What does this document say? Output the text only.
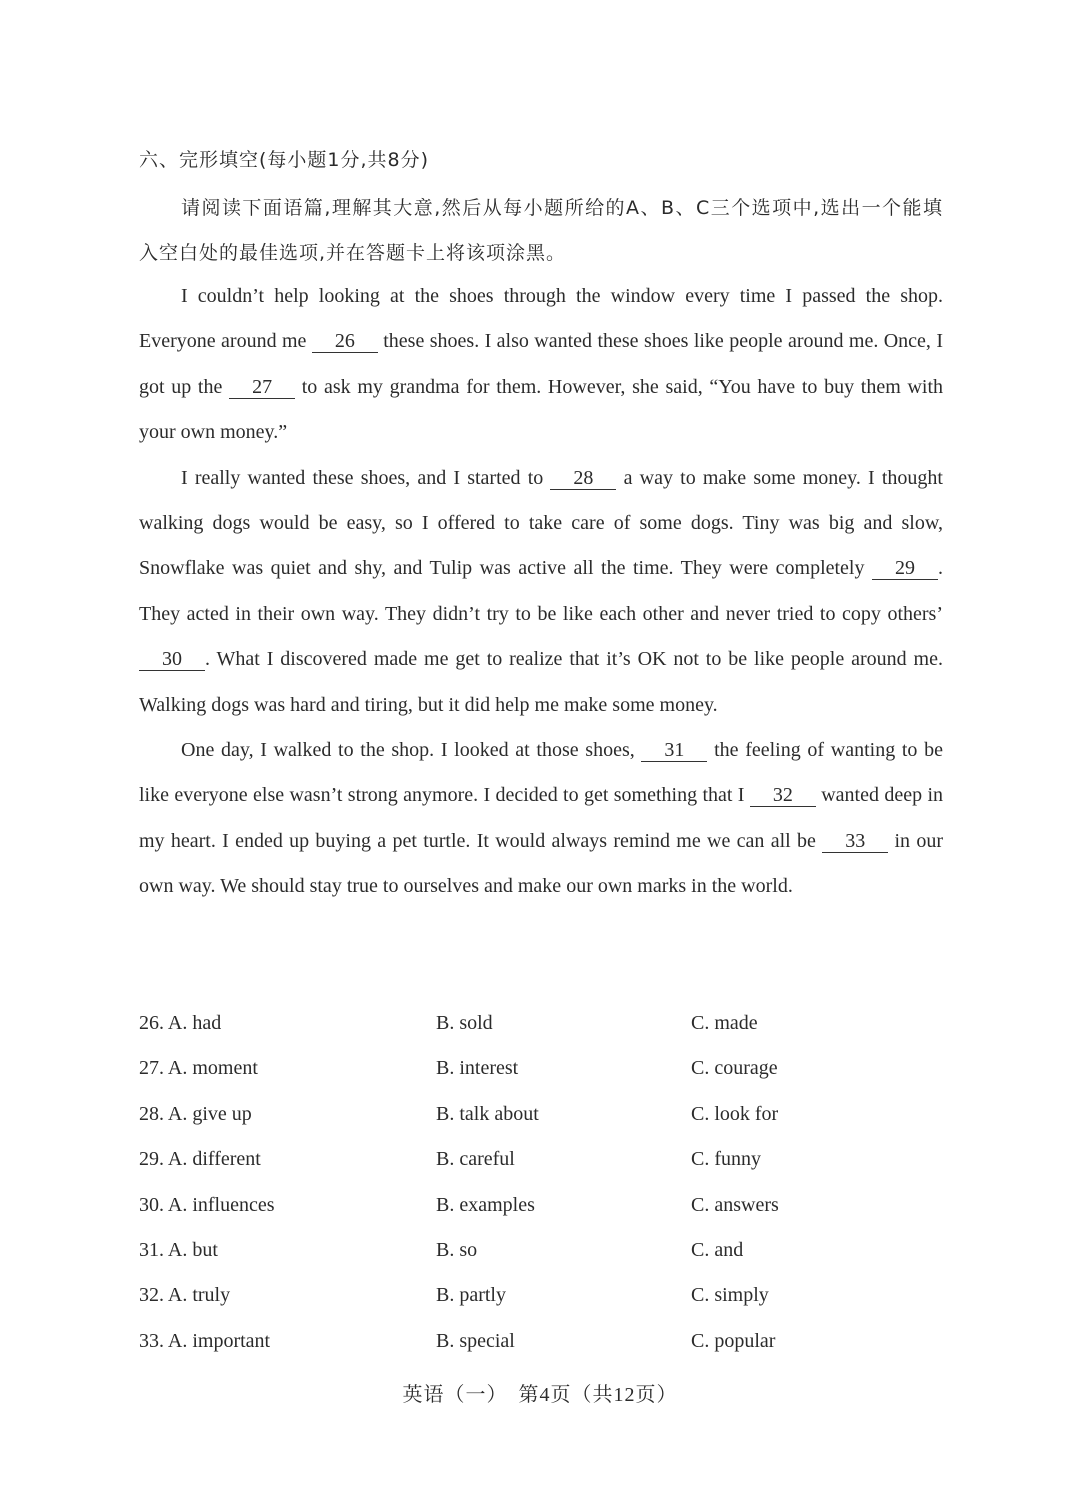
六、完形填空(每小题1分,共8分)

请阅读下面语篇,理解其大意,然后从每小题所给的A、B、C三个选项中,选出一个能填入空白处的最佳选项,并在答题卡上将该项涂黑。

I couldn’t help looking at the shoes through the window every time I passed the shop. Everyone around me 26 these shoes. I also wanted these shoes like people around me. Once, I got up the 27 to ask my grandma for them. However, she said, “You have to buy them with your own money.”

I really wanted these shoes, and I started to 28 a way to make some money. I thought walking dogs would be easy, so I offered to take care of some dogs. Tiny was big and slow, Snowflake was quiet and shy, and Tulip was active all the time. They were completely 29 . They acted in their own way. They didn’t try to be like each other and never tried to copy others’ 30 . What I discovered made me get to realize that it’s OK not to be like people around me. Walking dogs was hard and tiring, but it did help me make some money.

One day, I walked to the shop. I looked at those shoes, 31 the feeling of wanting to be like everyone else wasn’t strong anymore. I decided to get something that I 32 wanted deep in my heart. I ended up buying a pet turtle. It would always remind me we can all be 33 in our own way. We should stay true to ourselves and make our own marks in the world.

26. A. had	B. sold	C. made
27. A. moment	B. interest	C. courage
28. A. give up	B. talk about	C. look for
29. A. different	B. careful	C. funny
30. A. influences	B. examples	C. answers
31. A. but	B. so	C. and
32. A. truly	B. partly	C. simply
33. A. important	B. special	C. popular
英语（一）　第4页（共12页）
